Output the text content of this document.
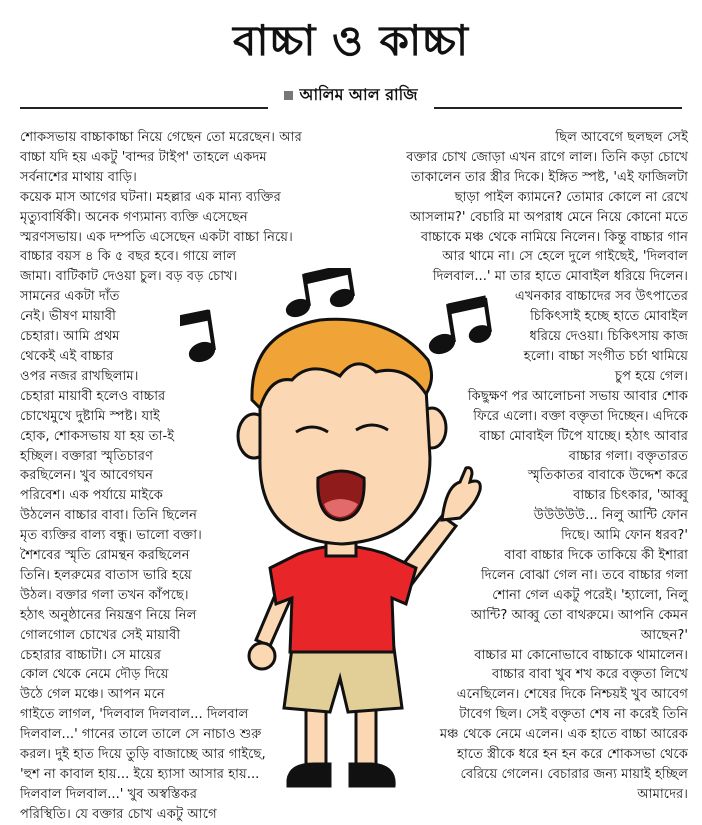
বাচ্চা ও কাচ্চা
আলিম আল রাজি
শোকসভায় বাচ্চাকাচ্চা নিয়ে গেছেন তো মরেছেন। আর
বাচ্চা যদি হয় একটু 'বান্দর টাইপ' তাহলে একদম
সর্বনাশের মাথায় বাড়ি।
কয়েক মাস আগের ঘটনা। মহল্লার এক মান্য ব্যক্তির
মৃত্যুবার্ষিকী। অনেক গণ্যমান্য ব্যক্তি এসেছেন
স্মরণসভায়। এক দম্পতি এসেছেন একটা বাচ্চা নিয়ে।
বাচ্চার বয়স ৪ কি ৫ বছর হবে। গায়ে লাল
জামা। বাটিকাট দেওয়া চুল। বড় বড় চোখ।
সামনের একটা দাঁত
নেই। ভীষণ মায়াবী
চেহারা। আমি প্রথম
থেকেই এই বাচ্চার
ওপর নজর রাখছিলাম।
চেহারা মায়াবী হলেও বাচ্চার
চোখেমুখে দুষ্টামি স্পষ্ট। যাই
হোক, শোকসভায় যা হয় তা-ই
হচ্ছিল। বক্তারা স্মৃতিচারণ
করছিলেন। খুব আবেগঘন
পরিবেশ। এক পর্যায়ে মাইকে
উঠলেন বাচ্চার বাবা। তিনি ছিলেন
মৃত ব্যক্তির বাল্য বন্ধু। ভালো বক্তা।
শৈশবের স্মৃতি রোমন্থন করছিলেন
তিনি। হলরুমের বাতাস ভারি হয়ে
উঠল। বক্তার গলা তখন কাঁপছে।
হঠাৎ অনুষ্ঠানের নিয়ন্ত্রণ নিয়ে নিল
গোলগোল চোখের সেই মায়াবী
চেহারার বাচ্চাটা। সে মায়ের
কোল থেকে নেমে দৌড় দিয়ে
উঠে গেল মঞ্চে। আপন মনে
গাইতে লাগল, 'দিলবাল দিলবাল... দিলবাল
দিলবাল...' গানের তালে তালে সে নাচাও শুরু
করল। দুই হাত দিয়ে তুড়ি বাজাচ্ছে আর গাইছে,
'হুশ না কাবাল হায়... ইয়ে হ্যাসা আসার হায়...
দিলবাল দিলবাল...' খুব অস্বস্তিকর
পরিস্থিতি। যে বক্তার চোখ একটু আগে
ছিল আবেগে ছলছল সেই
বক্তার চোখ জোড়া এখন রাগে লাল। তিনি কড়া চোখে
তাকালেন তার স্ত্রীর দিকে। ইঙ্গিত স্পষ্ট, 'এই ফাজিলটা
ছাড়া পাইল ক্যামনে? তোমার কোলে না রেখে
আসলাম?' বেচারি মা অপরাধ মেনে নিয়ে কোনো মতে
বাচ্চাকে মঞ্চ থেকে নামিয়ে নিলেন। কিন্তু বাচ্চার গান
আর থামে না। সে হেলে দুলে গাইছেই, 'দিলবাল
দিলবাল...' মা তার হাতে মোবাইল ধরিয়ে দিলেন।
এখনকার বাচ্চাদের সব উৎপাতের
চিকিৎসাই হচ্ছে হাতে মোবাইল
ধরিয়ে দেওয়া। চিকিৎসায় কাজ
হলো। বাচ্চা সংগীত চর্চা থামিয়ে
চুপ হয়ে গেল।
কিছুক্ষণ পর আলোচনা সভায় আবার শোক
ফিরে এলো। বক্তা বক্তৃতা দিচ্ছেন। এদিকে
বাচ্চা মোবাইল টিপে যাচ্ছে। হঠাৎ আবার
বাচ্চার গলা। বক্তৃতারত
স্মৃতিকাতর বাবাকে উদ্দেশ করে
বাচ্চার চিৎকার, 'আব্বু
উউউউউ... নিলু আন্টি ফোন
দিছে। আমি ফোন ধরব?'
বাবা বাচ্চার দিকে তাকিয়ে কী ইশারা
দিলেন বোঝা গেল না। তবে বাচ্চার গলা
শোনা গেল একটু পরেই। 'হ্যালো, নিলু
আন্টি? আব্বু তো বাথরুমে। আপনি কেমন
আছেন?'
বাচ্চার মা কোনোভাবে বাচ্চাকে থামালেন।
বাচ্চার বাবা খুব শখ করে বক্তৃতা লিখে
এনেছিলেন। শেষের দিকে নিশ্চয়ই খুব আবেগ
টাবেগ ছিল। সেই বক্তৃতা শেষ না করেই তিনি
মঞ্চ থেকে নেমে এলেন। এক হাতে বাচ্চা আরেক
হাতে স্ত্রীকে ধরে হন হন করে শোকসভা থেকে
বেরিয়ে গেলেন। বেচারার জন্য মায়াই হচ্ছিল
আমাদের।
